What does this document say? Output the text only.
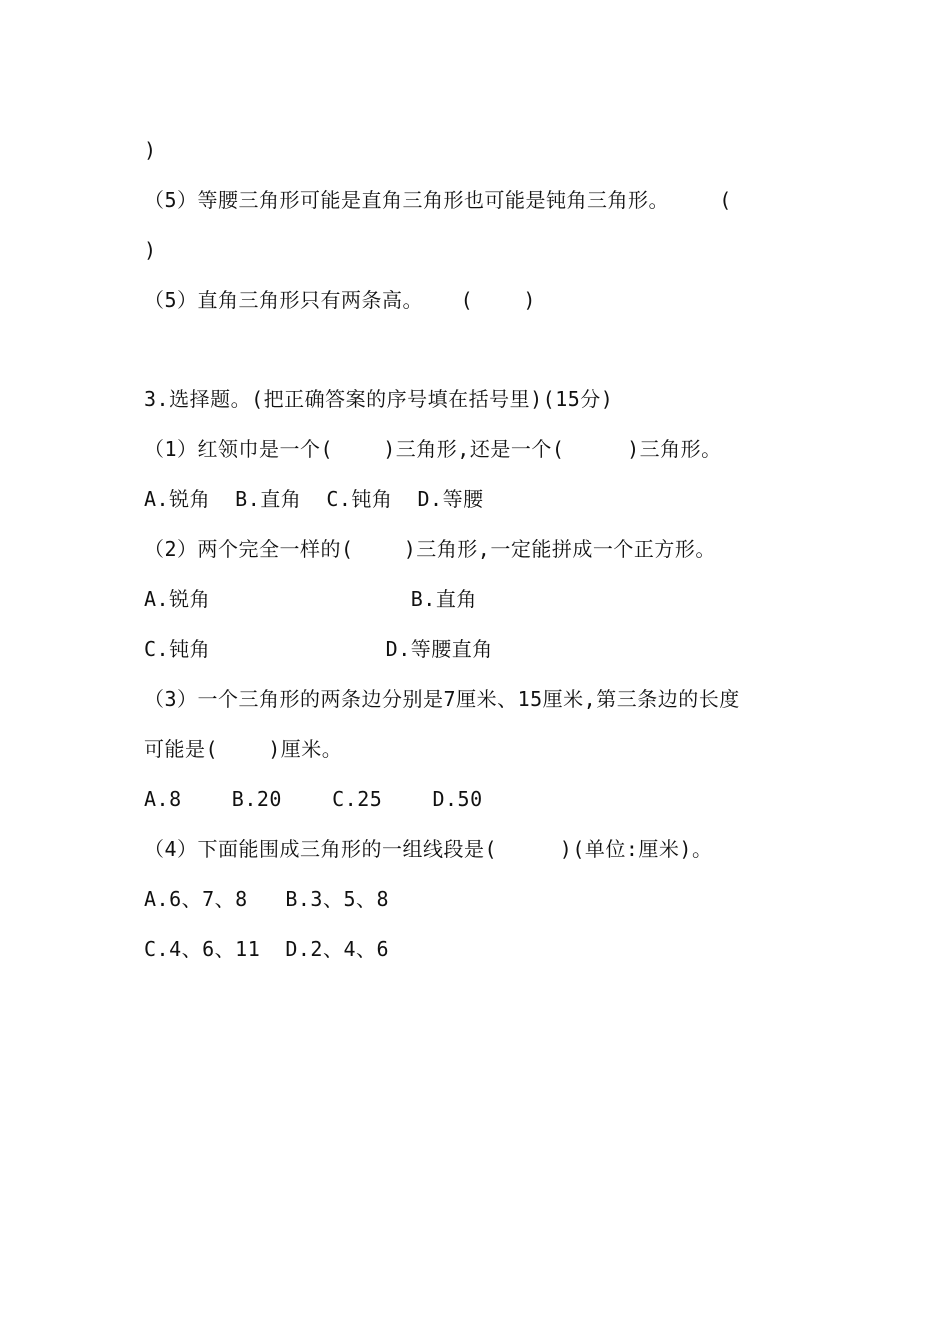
)
（5）等腰三角形可能是直角三角形也可能是钝角三角形。    (
)
（5）直角三角形只有两条高。   (    )
3.选择题。(把正确答案的序号填在括号里)(15分)
（1）红领巾是一个(    )三角形,还是一个(     )三角形。
A.锐角  B.直角  C.钝角  D.等腰
（2）两个完全一样的(    )三角形,一定能拼成一个正方形。
A.锐角                B.直角
C.钝角              D.等腰直角
（3）一个三角形的两条边分别是7厘米、15厘米,第三条边的长度
可能是(    )厘米。
A.8    B.20    C.25    D.50
（4）下面能围成三角形的一组线段是(     )(单位:厘米)。
A.6、7、8   B.3、5、8
C.4、6、11  D.2、4、6
